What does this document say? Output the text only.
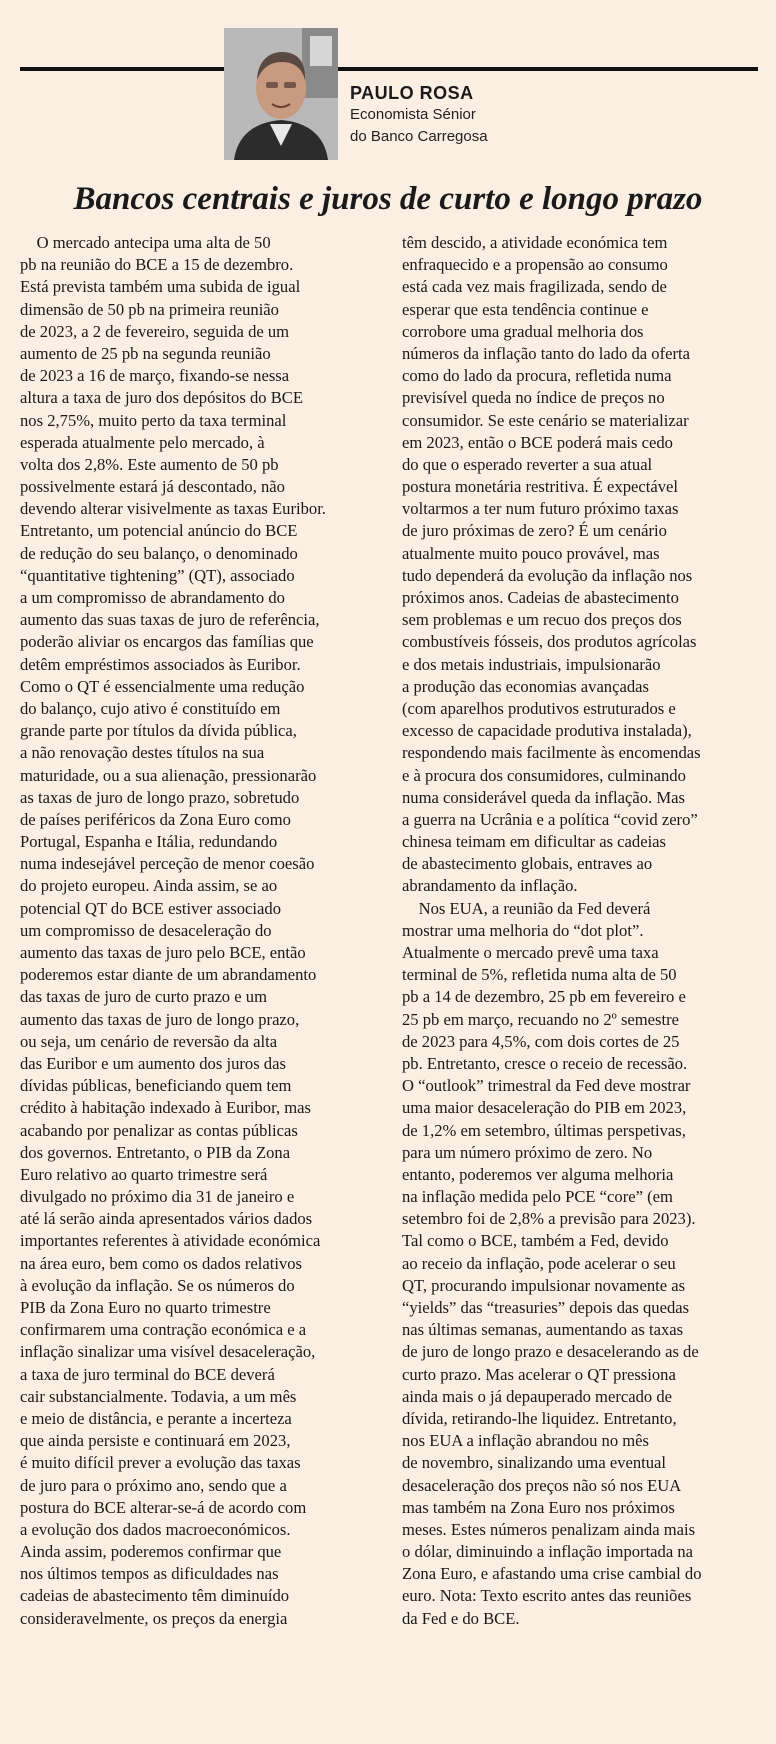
PAULO ROSA
Economista Sénior
do Banco Carregosa
Bancos centrais e juros de curto e longo prazo
O mercado antecipa uma alta de 50
pb na reunião do BCE a 15 de dezembro.
Está prevista também uma subida de igual
dimensão de 50 pb na primeira reunião
de 2023, a 2 de fevereiro, seguida de um
aumento de 25 pb na segunda reunião
de 2023 a 16 de março, fixando-se nessa
altura a taxa de juro dos depósitos do BCE
nos 2,75%, muito perto da taxa terminal
esperada atualmente pelo mercado, à
volta dos 2,8%. Este aumento de 50 pb
possivelmente estará já descontado, não
devendo alterar visivelmente as taxas Euribor.
Entretanto, um potencial anúncio do BCE
de redução do seu balanço, o denominado
“quantitative tightening” (QT), associado
a um compromisso de abrandamento do
aumento das suas taxas de juro de referência,
poderão aliviar os encargos das famílias que
detêm empréstimos associados às Euribor.
Como o QT é essencialmente uma redução
do balanço, cujo ativo é constituído em
grande parte por títulos da dívida pública,
a não renovação destes títulos na sua
maturidade, ou a sua alienação, pressionarão
as taxas de juro de longo prazo, sobretudo
de países periféricos da Zona Euro como
Portugal, Espanha e Itália, redundando
numa indesejável perceção de menor coesão
do projeto europeu. Ainda assim, se ao
potencial QT do BCE estiver associado
um compromisso de desaceleração do
aumento das taxas de juro pelo BCE, então
poderemos estar diante de um abrandamento
das taxas de juro de curto prazo e um
aumento das taxas de juro de longo prazo,
ou seja, um cenário de reversão da alta
das Euribor e um aumento dos juros das
dívidas públicas, beneficiando quem tem
crédito à habitação indexado à Euribor, mas
acabando por penalizar as contas públicas
dos governos. Entretanto, o PIB da Zona
Euro relativo ao quarto trimestre será
divulgado no próximo dia 31 de janeiro e
até lá serão ainda apresentados vários dados
importantes referentes à atividade económica
na área euro, bem como os dados relativos
à evolução da inflação. Se os números do
PIB da Zona Euro no quarto trimestre
confirmarem uma contração económica e a
inflação sinalizar uma visível desaceleração,
a taxa de juro terminal do BCE deverá
cair substancialmente. Todavia, a um mês
e meio de distância, e perante a incerteza
que ainda persiste e continuará em 2023,
é muito difícil prever a evolução das taxas
de juro para o próximo ano, sendo que a
postura do BCE alterar-se-á de acordo com
a evolução dos dados macroeconómicos.
Ainda assim, poderemos confirmar que
nos últimos tempos as dificuldades nas
cadeias de abastecimento têm diminuído
consideravelmente, os preços da energia
têm descido, a atividade económica tem
enfraquecido e a propensão ao consumo
está cada vez mais fragilizada, sendo de
esperar que esta tendência continue e
corrobore uma gradual melhoria dos
números da inflação tanto do lado da oferta
como do lado da procura, refletida numa
previsível queda no índice de preços no
consumidor. Se este cenário se materializar
em 2023, então o BCE poderá mais cedo
do que o esperado reverter a sua atual
postura monetária restritiva. É expectável
voltarmos a ter num futuro próximo taxas
de juro próximas de zero? É um cenário
atualmente muito pouco provável, mas
tudo dependerá da evolução da inflação nos
próximos anos. Cadeias de abastecimento
sem problemas e um recuo dos preços dos
combustíveis fósseis, dos produtos agrícolas
e dos metais industriais, impulsionarão
a produção das economias avançadas
(com aparelhos produtivos estruturados e
excesso de capacidade produtiva instalada),
respondendo mais facilmente às encomendas
e à procura dos consumidores, culminando
numa considerável queda da inflação. Mas
a guerra na Ucrânia e a política “covid zero”
chinesa teimam em dificultar as cadeias
de abastecimento globais, entraves ao
abrandamento da inflação.
Nos EUA, a reunião da Fed deverá
mostrar uma melhoria do “dot plot”.
Atualmente o mercado prevê uma taxa
terminal de 5%, refletida numa alta de 50
pb a 14 de dezembro, 25 pb em fevereiro e
25 pb em março, recuando no 2º semestre
de 2023 para 4,5%, com dois cortes de 25
pb. Entretanto, cresce o receio de recessão.
O “outlook” trimestral da Fed deve mostrar
uma maior desaceleração do PIB em 2023,
de 1,2% em setembro, últimas perspetivas,
para um número próximo de zero. No
entanto, poderemos ver alguma melhoria
na inflação medida pelo PCE “core” (em
setembro foi de 2,8% a previsão para 2023).
Tal como o BCE, também a Fed, devido
ao receio da inflação, pode acelerar o seu
QT, procurando impulsionar novamente as
“yields” das “treasuries” depois das quedas
nas últimas semanas, aumentando as taxas
de juro de longo prazo e desacelerando as de
curto prazo. Mas acelerar o QT pressiona
ainda mais o já depauperado mercado de
dívida, retirando-lhe liquidez. Entretanto,
nos EUA a inflação abrandou no mês
de novembro, sinalizando uma eventual
desaceleração dos preços não só nos EUA
mas também na Zona Euro nos próximos
meses. Estes números penalizam ainda mais
o dólar, diminuindo a inflação importada na
Zona Euro, e afastando uma crise cambial do
euro. Nota: Texto escrito antes das reuniões
da Fed e do BCE.
